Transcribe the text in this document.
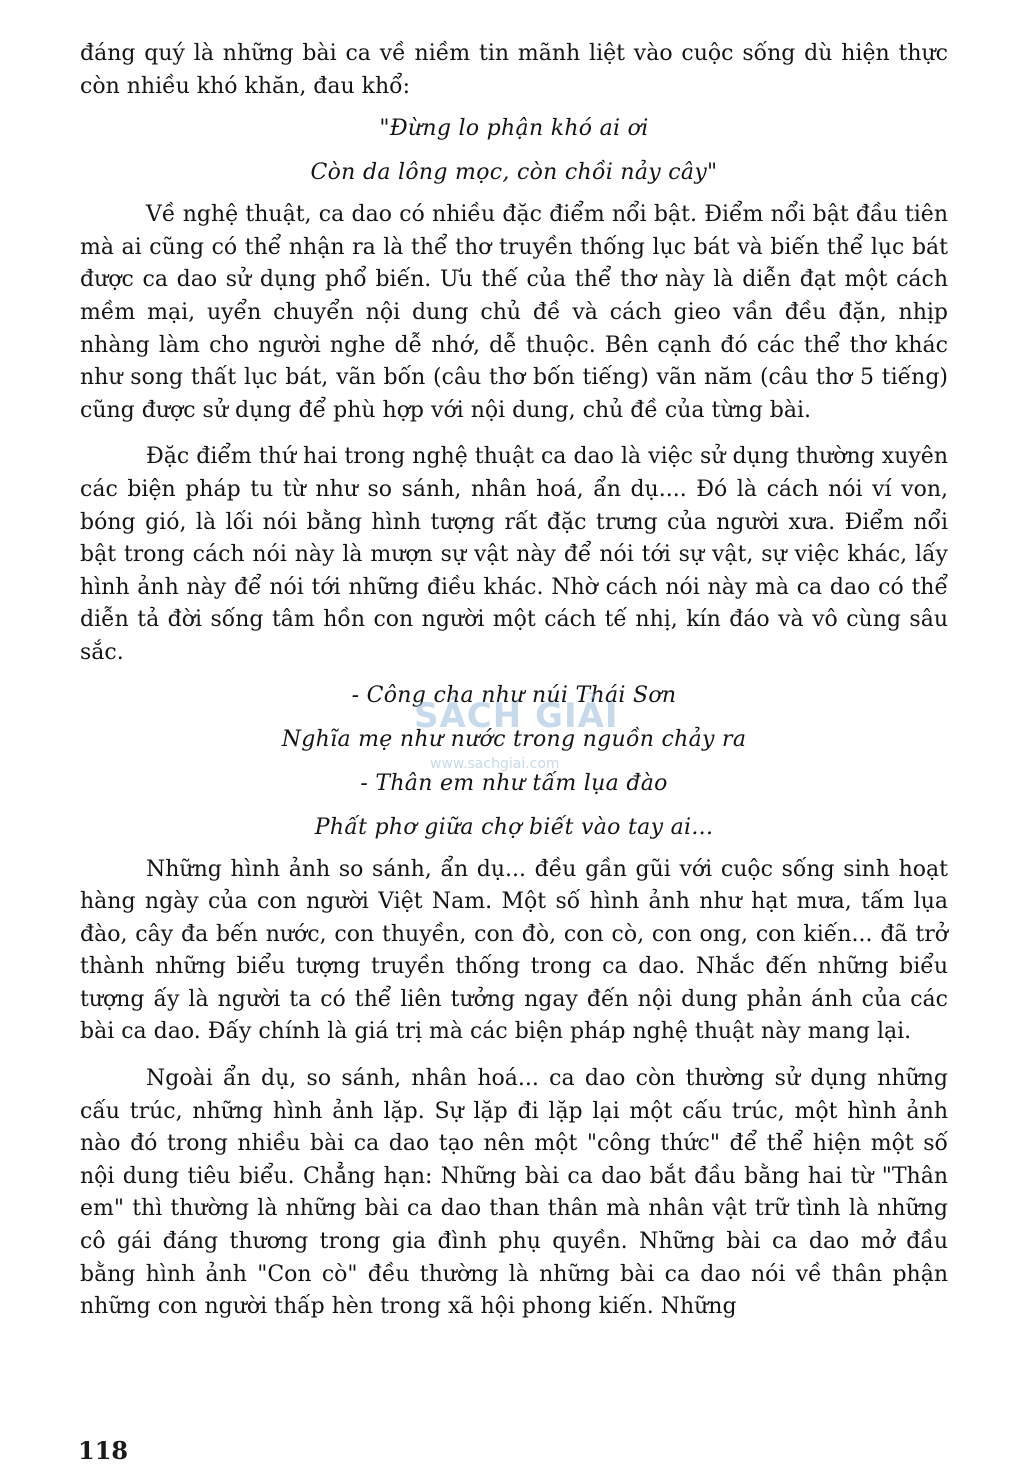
đáng quý là những bài ca về niềm tin mãnh liệt vào cuộc sống dù hiện thực còn nhiều khó khăn, đau khổ:

"Đừng lo phận khó ai ơi

Còn da lông mọc, còn chồi nảy cây"

Về nghệ thuật, ca dao có nhiều đặc điểm nổi bật. Điểm nổi bật đầu tiên mà ai cũng có thể nhận ra là thể thơ truyền thống lục bát và biến thể lục bát được ca dao sử dụng phổ biến. Ưu thế của thể thơ này là diễn đạt một cách mềm mại, uyển chuyển nội dung chủ đề và cách gieo vần đều đặn, nhịp nhàng làm cho người nghe dễ nhớ, dễ thuộc. Bên cạnh đó các thể thơ khác như song thất lục bát, vãn bốn (câu thơ bốn tiếng) vãn năm (câu thơ 5 tiếng) cũng được sử dụng để phù hợp với nội dung, chủ đề của từng bài.

Đặc điểm thứ hai trong nghệ thuật ca dao là việc sử dụng thường xuyên các biện pháp tu từ như so sánh, nhân hoá, ẩn dụ.... Đó là cách nói ví von, bóng gió, là lối nói bằng hình tượng rất đặc trưng của người xưa. Điểm nổi bật trong cách nói này là mượn sự vật này để nói tới sự vật, sự việc khác, lấy hình ảnh này để nói tới những điều khác. Nhờ cách nói này mà ca dao có thể diễn tả đời sống tâm hồn con người một cách tế nhị, kín đáo và vô cùng sâu sắc.

- Công cha như núi Thái Sơn

Nghĩa mẹ như nước trong nguồn chảy ra

- Thân em như tấm lụa đào

Phất phơ giữa chợ biết vào tay ai...

Những hình ảnh so sánh, ẩn dụ... đều gần gũi với cuộc sống sinh hoạt hàng ngày của con người Việt Nam. Một số hình ảnh như hạt mưa, tấm lụa đào, cây đa bến nước, con thuyền, con đò, con cò, con ong, con kiến... đã trở thành những biểu tượng truyền thống trong ca dao. Nhắc đến những biểu tượng ấy là người ta có thể liên tưởng ngay đến nội dung phản ánh của các bài ca dao. Đấy chính là giá trị mà các biện pháp nghệ thuật này mang lại.

Ngoài ẩn dụ, so sánh, nhân hoá... ca dao còn thường sử dụng những cấu trúc, những hình ảnh lặp. Sự lặp đi lặp lại một cấu trúc, một hình ảnh nào đó trong nhiều bài ca dao tạo nên một "công thức" để thể hiện một số nội dung tiêu biểu. Chẳng hạn: Những bài ca dao bắt đầu bằng hai từ "Thân em" thì thường là những bài ca dao than thân mà nhân vật trữ tình là những cô gái đáng thương trong gia đình phụ quyền. Những bài ca dao mở đầu bằng hình ảnh "Con cò" đều thường là những bài ca dao nói về thân phận những con người thấp hèn trong xã hội phong kiến. Những

SÁCH GIẢI
www.sachgiai.com
118
